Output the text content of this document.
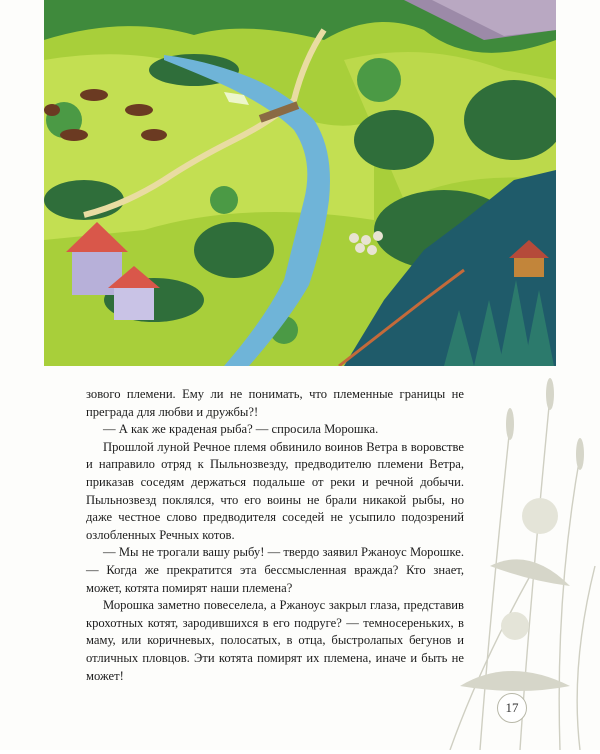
зового племени. Ему ли не понимать, что племенные границы не преграда для любви и дружбы?!

— А как же краденая рыба? — спросила Морошка.

Прошлой луной Речное племя обвинило воинов Ветра в воровстве и направило отряд к Пыльнозвезду, предводителю племени Ветра, приказав соседям держаться подальше от реки и речной добычи. Пыльнозвезд поклялся, что его воины не брали никакой рыбы, но даже честное слово предводителя соседей не усыпило подозрений озлобленных Речных котов.

— Мы не трогали вашу рыбу! — твердо заявил Ржаноус Морошке. — Когда же прекратится эта бессмысленная вражда? Кто знает, может, котята помирят наши племена?

Морошка заметно повеселела, а Ржаноус закрыл глаза, представив крохотных котят, зародившихся в его подруге? — темносереньких, в маму, или коричневых, полосатых, в отца, быстролапых бегунов и отличных пловцов. Эти котята помирят их племена, иначе и быть не может!

17
